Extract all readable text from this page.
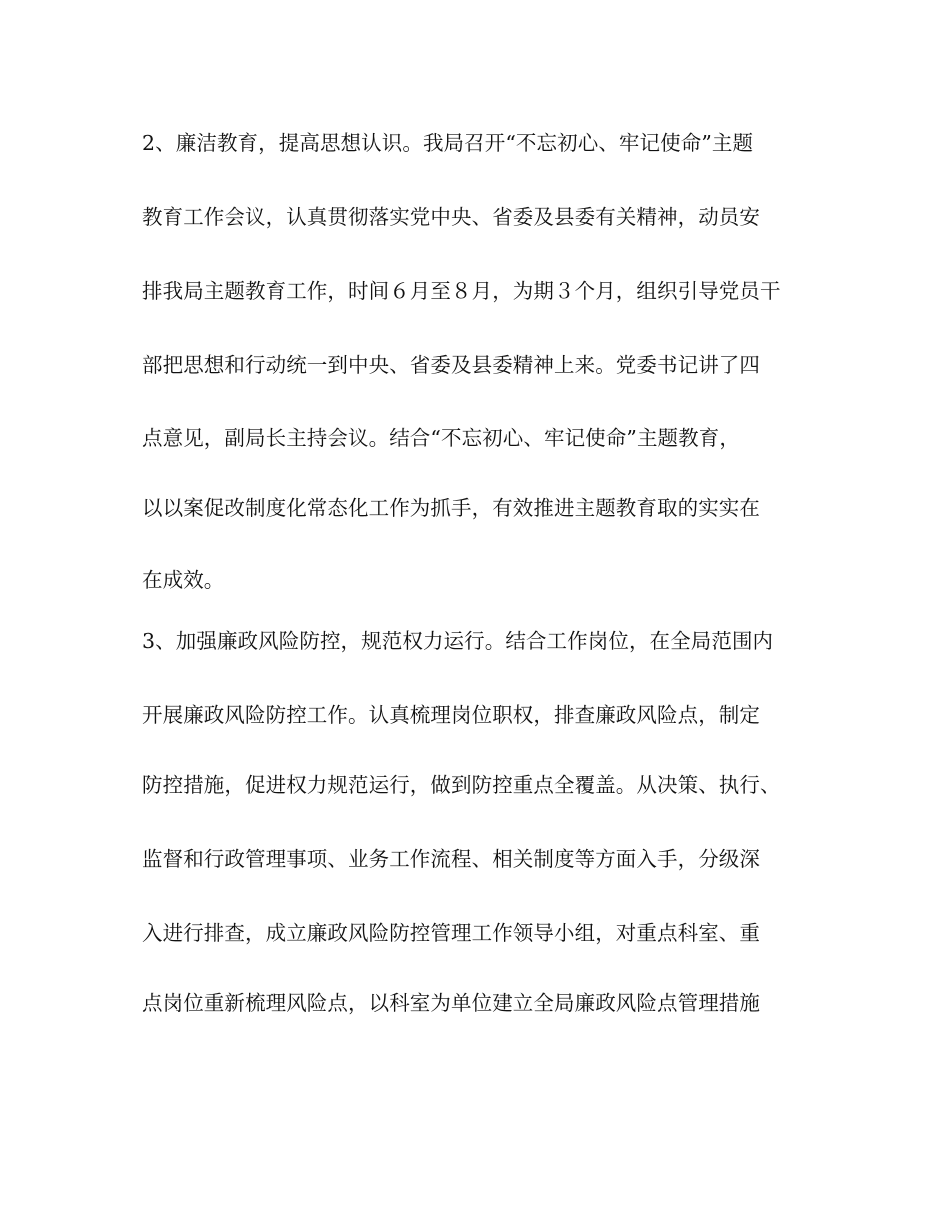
2、廉洁教育，提高思想认识。我局召开“不忘初心、牢记使命”主题
教育工作会议，认真贯彻落实党中央、省委及县委有关精神，动员安
排我局主题教育工作，时间６月至８月，为期３个月，组织引导党员干
部把思想和行动统一到中央、省委及县委精神上来。党委书记讲了四
点意见，副局长主持会议。结合“不忘初心、牢记使命”主题教育，
以以案促改制度化常态化工作为抓手，有效推进主题教育取的实实在
在成效。
3、加强廉政风险防控，规范权力运行。结合工作岗位，在全局范围内
开展廉政风险防控工作。认真梳理岗位职权，排查廉政风险点，制定
防控措施，促进权力规范运行，做到防控重点全覆盖。从决策、执行、
监督和行政管理事项、业务工作流程、相关制度等方面入手，分级深
入进行排查，成立廉政风险防控管理工作领导小组，对重点科室、重
点岗位重新梳理风险点，以科室为单位建立全局廉政风险点管理措施
